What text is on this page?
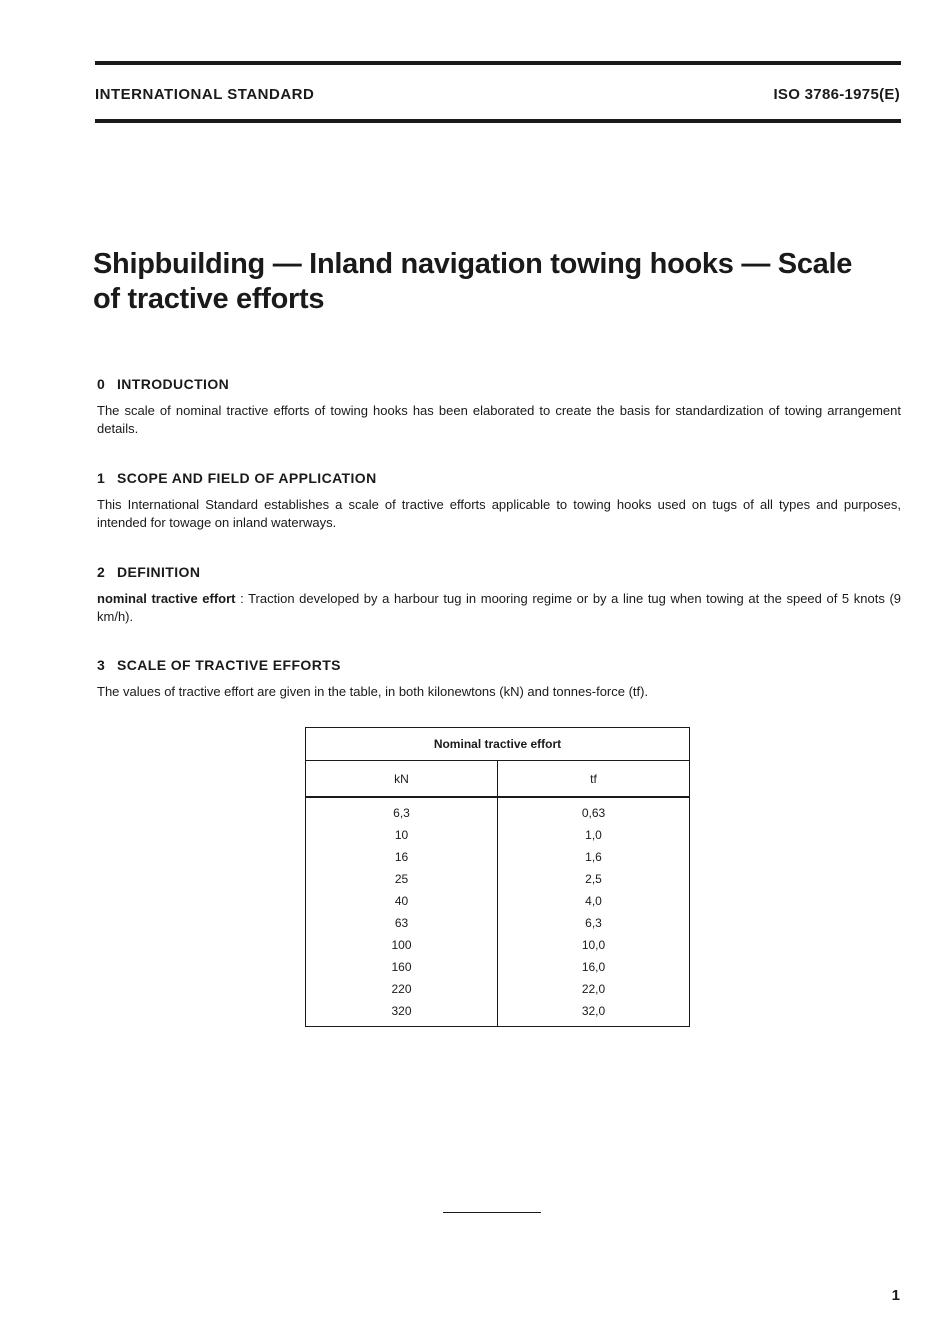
INTERNATIONAL STANDARD	ISO 3786-1975(E)
Shipbuilding — Inland navigation towing hooks — Scale of tractive efforts

0 INTRODUCTION

The scale of nominal tractive efforts of towing hooks has been elaborated to create the basis for standardization of towing arrangement details.

1 SCOPE AND FIELD OF APPLICATION

This International Standard establishes a scale of tractive efforts applicable to towing hooks used on tugs of all types and purposes, intended for towage on inland waterways.

2 DEFINITION

nominal tractive effort : Traction developed by a harbour tug in mooring regime or by a line tug when towing at the speed of 5 knots (9 km/h).

3 SCALE OF TRACTIVE EFFORTS

The values of tractive effort are given in the table, in both kilonewtons (kN) and tonnes-force (tf).

Nominal tractive effort	
kN	tf
6,3	0,63
10	1,0
16	1,6
25	2,5
40	4,0
63	6,3
100	10,0
160	16,0
220	22,0
320	32,0
1
